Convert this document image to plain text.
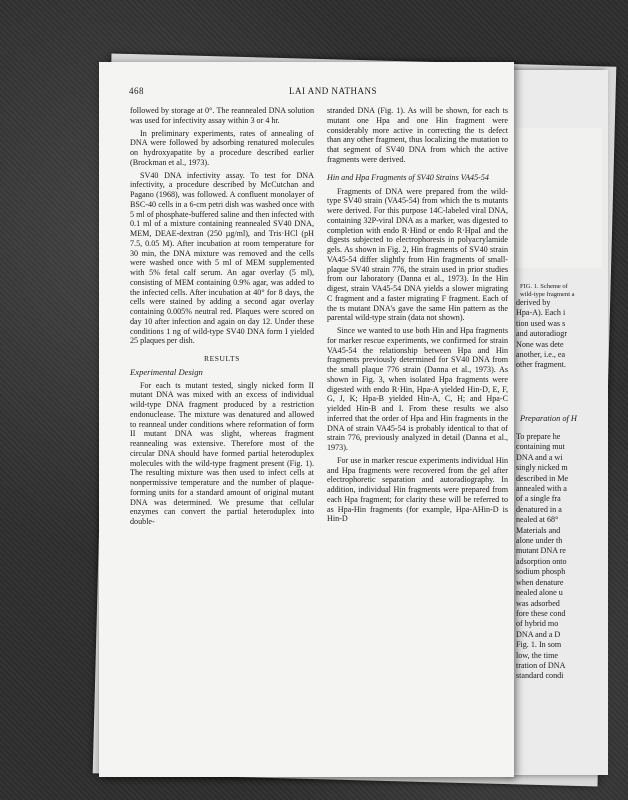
FIG. 1. Scheme of
wild-type fragment a
derived by
Hpa-A). Each i
tion used was s
and autoradiogr
None was dete
another, i.e., ea
other fragment.
Preparation of H
To prepare he
containing mut
DNA and a wi
singly nicked m
described in Me
annealed with a
of a single fra
denatured in a
nealed at 68°
Materials and
alone under th
mutant DNA re
adsorption onto
sodium phosph
when denature
nealed alone u
was adsorbed
fore these cond
of hybrid mo
DNA and a D
Fig. 1. In som
low, the time
tration of DNA
standard condi
468	LAI AND NATHANS

followed by storage at 0°. The reannealed DNA solution was used for infectivity assay within 3 or 4 hr.

In preliminary experiments, rates of annealing of DNA were followed by adsorbing renatured molecules on hydroxyapatite by a procedure described earlier (Brockman et al., 1973).

SV40 DNA infectivity assay. To test for DNA infectivity, a procedure described by McCutchan and Pagano (1968), was followed. A confluent monolayer of BSC-40 cells in a 6-cm petri dish was washed once with 5 ml of phosphate-buffered saline and then infected with 0.1 ml of a mixture containing reannealed SV40 DNA, MEM, DEAE-dextran (250 µg/ml), and Tris·HCl (pH 7.5, 0.05 M). After incubation at room temperature for 30 min, the DNA mixture was removed and the cells were washed once with 5 ml of MEM supplemented with 5% fetal calf serum. An agar overlay (5 ml), consisting of MEM containing 0.9% agar, was added to the infected cells. After incubation at 40° for 8 days, the cells were stained by adding a second agar overlay containing 0.005% neutral red. Plaques were scored on day 10 after infection and again on day 12. Under these conditions 1 ng of wild-type SV40 DNA form I yielded 25 plaques per dish.

RESULTS
Experimental Design

For each ts mutant tested, singly nicked form II mutant DNA was mixed with an excess of individual wild-type DNA fragment produced by a restriction endonuclease. The mixture was denatured and allowed to reanneal under conditions where reformation of form II mutant DNA was slight, whereas fragment reannealing was extensive. Therefore most of the circular DNA should have formed partial heteroduplex molecules with the wild-type fragment present (Fig. 1). The resulting mixture was then used to infect cells at nonpermissive temperature and the number of plaque-forming units for a standard amount of original mutant DNA was determined. We presume that cellular enzymes can convert the partial heteroduplex into double-

stranded DNA (Fig. 1). As will be shown, for each ts mutant one Hpa and one Hin fragment were considerably more active in correcting the ts defect than any other fragment, thus localizing the mutation to that segment of SV40 DNA from which the active fragments were derived.

Hin and Hpa Fragments of SV40 Strains VA45-54

Fragments of DNA were prepared from the wild-type SV40 strain (VA45-54) from which the ts mutants were derived. For this purpose 14C-labeled viral DNA, containing 32P-viral DNA as a marker, was digested to completion with endo R·Hind or endo R·HpaI and the digests subjected to electrophoresis in polyacrylamide gels. As shown in Fig. 2, Hin fragments of SV40 strain VA45-54 differ slightly from Hin fragments of small-plaque SV40 strain 776, the strain used in prior studies from our laboratory (Danna et al., 1973). In the Hin digest, strain VA45-54 DNA yields a slower migrating C fragment and a faster migrating F fragment. Each of the ts mutant DNA's gave the same Hin pattern as the parental wild-type strain (data not shown).

Since we wanted to use both Hin and Hpa fragments for marker rescue experiments, we confirmed for strain VA45-54 the relationship between Hpa and Hin fragments previously determined for SV40 DNA from the small plaque 776 strain (Danna et al., 1973). As shown in Fig. 3, when isolated Hpa fragments were digested with endo R·Hin, Hpa-A yielded Hin-D, E, F, G, J, K; Hpa-B yielded Hin-A, C, H; and Hpa-C yielded Hin-B and I. From these results we also inferred that the order of Hpa and Hin fragments in the DNA of strain VA45-54 is probably identical to that of strain 776, previously analyzed in detail (Danna et al., 1973).

For use in marker rescue experiments individual Hin and Hpa fragments were recovered from the gel after electrophoretic separation and autoradiography. In addition, individual Hin fragments were prepared from each Hpa fragment; for clarity these will be referred to as Hpa-Hin fragments (for example, Hpa-AHin-D is Hin-D
